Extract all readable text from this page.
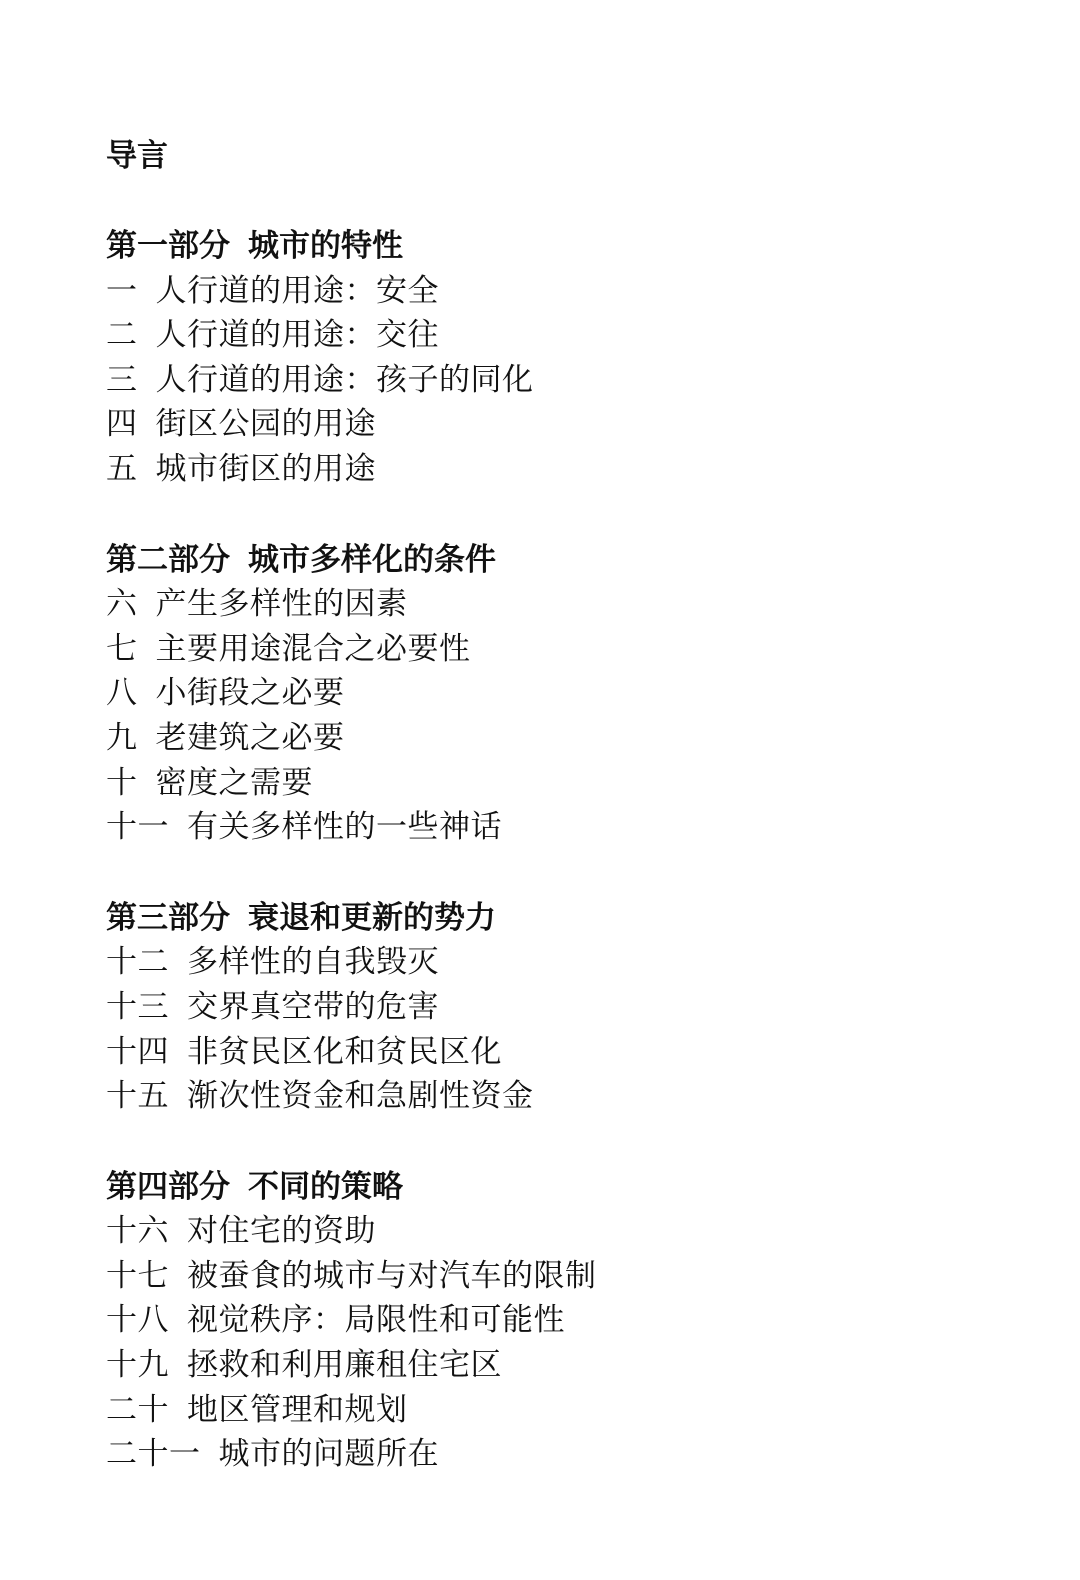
导言
第一部分 城市的特性
一 人行道的用途：安全
二 人行道的用途：交往
三 人行道的用途：孩子的同化
四 街区公园的用途
五 城市街区的用途
第二部分 城市多样化的条件
六 产生多样性的因素
七 主要用途混合之必要性
八 小街段之必要
九 老建筑之必要
十 密度之需要
十一 有关多样性的一些神话
第三部分 衰退和更新的势力
十二 多样性的自我毁灭
十三 交界真空带的危害
十四 非贫民区化和贫民区化
十五 渐次性资金和急剧性资金
第四部分 不同的策略
十六 对住宅的资助
十七 被蚕食的城市与对汽车的限制
十八 视觉秩序：局限性和可能性
十九 拯救和利用廉租住宅区
二十 地区管理和规划
二十一 城市的问题所在
